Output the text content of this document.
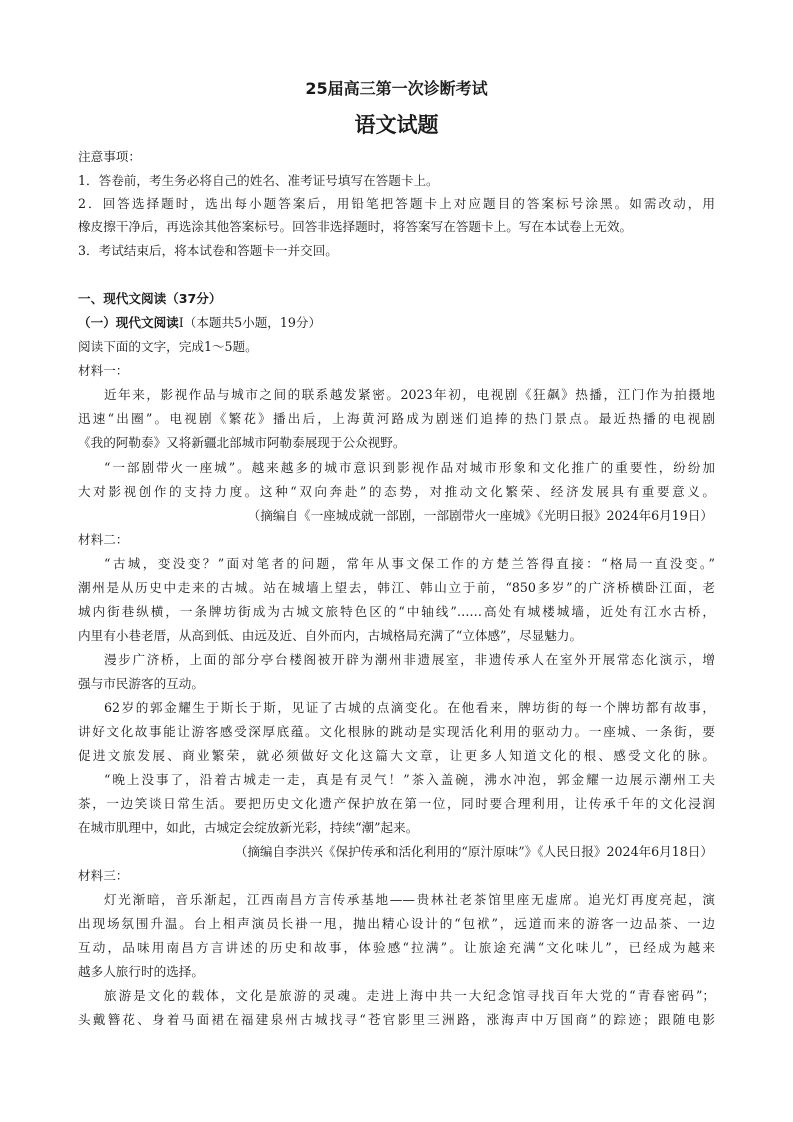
25届高三第一次诊断考试
语文试题
注意事项：
1．答卷前，考生务必将自己的姓名、准考证号填写在答题卡上。
2．回答选择题时，选出每小题答案后，用铅笔把答题卡上对应题目的答案标号涂黑。如需改动，用
橡皮擦干净后，再选涂其他答案标号。回答非选择题时，将答案写在答题卡上。写在本试卷上无效。
3．考试结束后，将本试卷和答题卡一并交回。
一、现代文阅读（37分）
（一）现代文阅读I（本题共5小题，19分）
阅读下面的文字，完成1～5题。
材料一：
近年来，影视作品与城市之间的联系越发紧密。2023年初，电视剧《狂飙》热播，江门作为拍摄地
迅速“出圈”。电视剧《繁花》播出后，上海黄河路成为剧迷们追捧的热门景点。最近热播的电视剧
《我的阿勒泰》又将新疆北部城市阿勒泰展现于公众视野。
“一部剧带火一座城”。越来越多的城市意识到影视作品对城市形象和文化推广的重要性，纷纷加
大对影视创作的支持力度。这种“双向奔赴”的态势，对推动文化繁荣、经济发展具有重要意义。
（摘编自《一座城成就一部剧，一部剧带火一座城》《光明日报》2024年6月19日）
材料二：
“古城，变没变？”面对笔者的问题，常年从事文保工作的方楚兰答得直接：“格局一直没变。”
潮州是从历史中走来的古城。站在城墙上望去，韩江、韩山立于前，“850多岁”的广济桥横卧江面，老
城内街巷纵横，一条牌坊街成为古城文旅特色区的“中轴线”……高处有城楼城墙，近处有江水古桥，
内里有小巷老厝，从高到低、由远及近、自外而内，古城格局充满了“立体感”，尽显魅力。
漫步广济桥，上面的部分亭台楼阁被开辟为潮州非遗展室，非遗传承人在室外开展常态化演示，增
强与市民游客的互动。
62岁的郭金耀生于斯长于斯，见证了古城的点滴变化。在他看来，牌坊街的每一个牌坊都有故事，
讲好文化故事能让游客感受深厚底蕴。文化根脉的跳动是实现活化利用的驱动力。一座城、一条街，要
促进文旅发展、商业繁荣，就必须做好文化这篇大文章，让更多人知道文化的根、感受文化的脉。
“晚上没事了，沿着古城走一走，真是有灵气！”茶入盖碗，沸水冲泡，郭金耀一边展示潮州工夫
茶，一边笑谈日常生活。要把历史文化遗产保护放在第一位，同时要合理利用，让传承千年的文化浸润
在城市肌理中，如此，古城定会绽放新光彩，持续“潮”起来。
（摘编自李洪兴《保护传承和活化利用的“原汁原味”》《人民日报》2024年6月18日）
材料三：
灯光渐暗，音乐渐起，江西南昌方言传承基地——贵林社老茶馆里座无虚席。追光灯再度亮起，演
出现场氛围升温。台上相声演员长褂一甩，抛出精心设计的“包袱”，远道而来的游客一边品茶、一边
互动，品味用南昌方言讲述的历史和故事，体验感“拉满”。让旅途充满“文化味儿”，已经成为越来
越多人旅行时的选择。
旅游是文化的载体，文化是旅游的灵魂。走进上海中共一大纪念馆寻找百年大党的“青春密码”；
头戴簪花、身着马面裙在福建泉州古城找寻“苍官影里三洲路，涨海声中万国商”的踪迹；跟随电影
